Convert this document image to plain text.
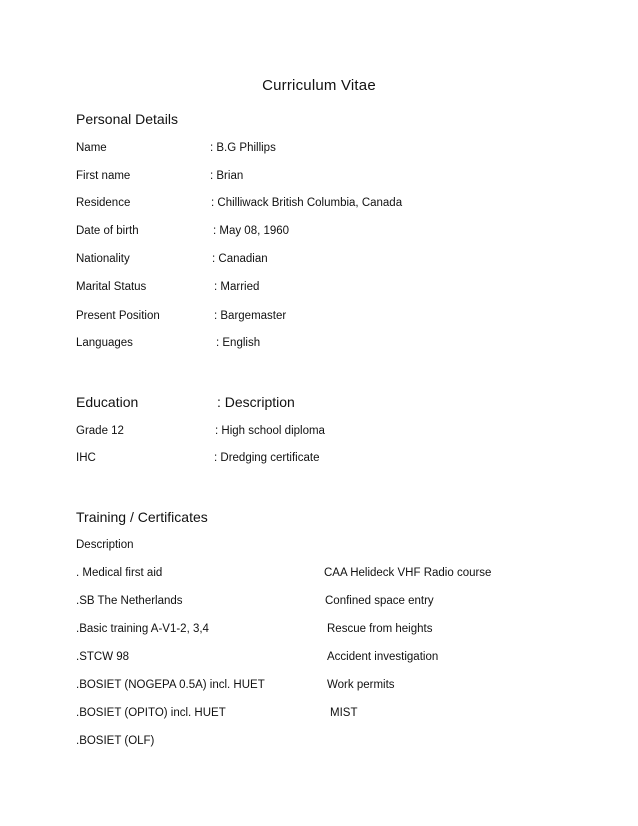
Curriculum Vitae
Personal Details
Name	: B.G Phillips
First name	: Brian
Residence	: Chilliwack British Columbia, Canada
Date of birth	: May 08, 1960
Nationality	: Canadian
Marital Status	: Married
Present Position	: Bargemaster
Languages	: English
Education	: Description
Grade 12	: High school diploma
IHC	: Dredging certificate
Training / Certificates
Description
. Medical first aid	CAA Helideck VHF Radio course
.SB The Netherlands	Confined space entry
.Basic training A-V1-2, 3,4	Rescue from heights
.STCW 98	Accident investigation
.BOSIET (NOGEPA 0.5A) incl. HUET	Work permits
.BOSIET (OPITO) incl. HUET	MIST
.BOSIET (OLF)
